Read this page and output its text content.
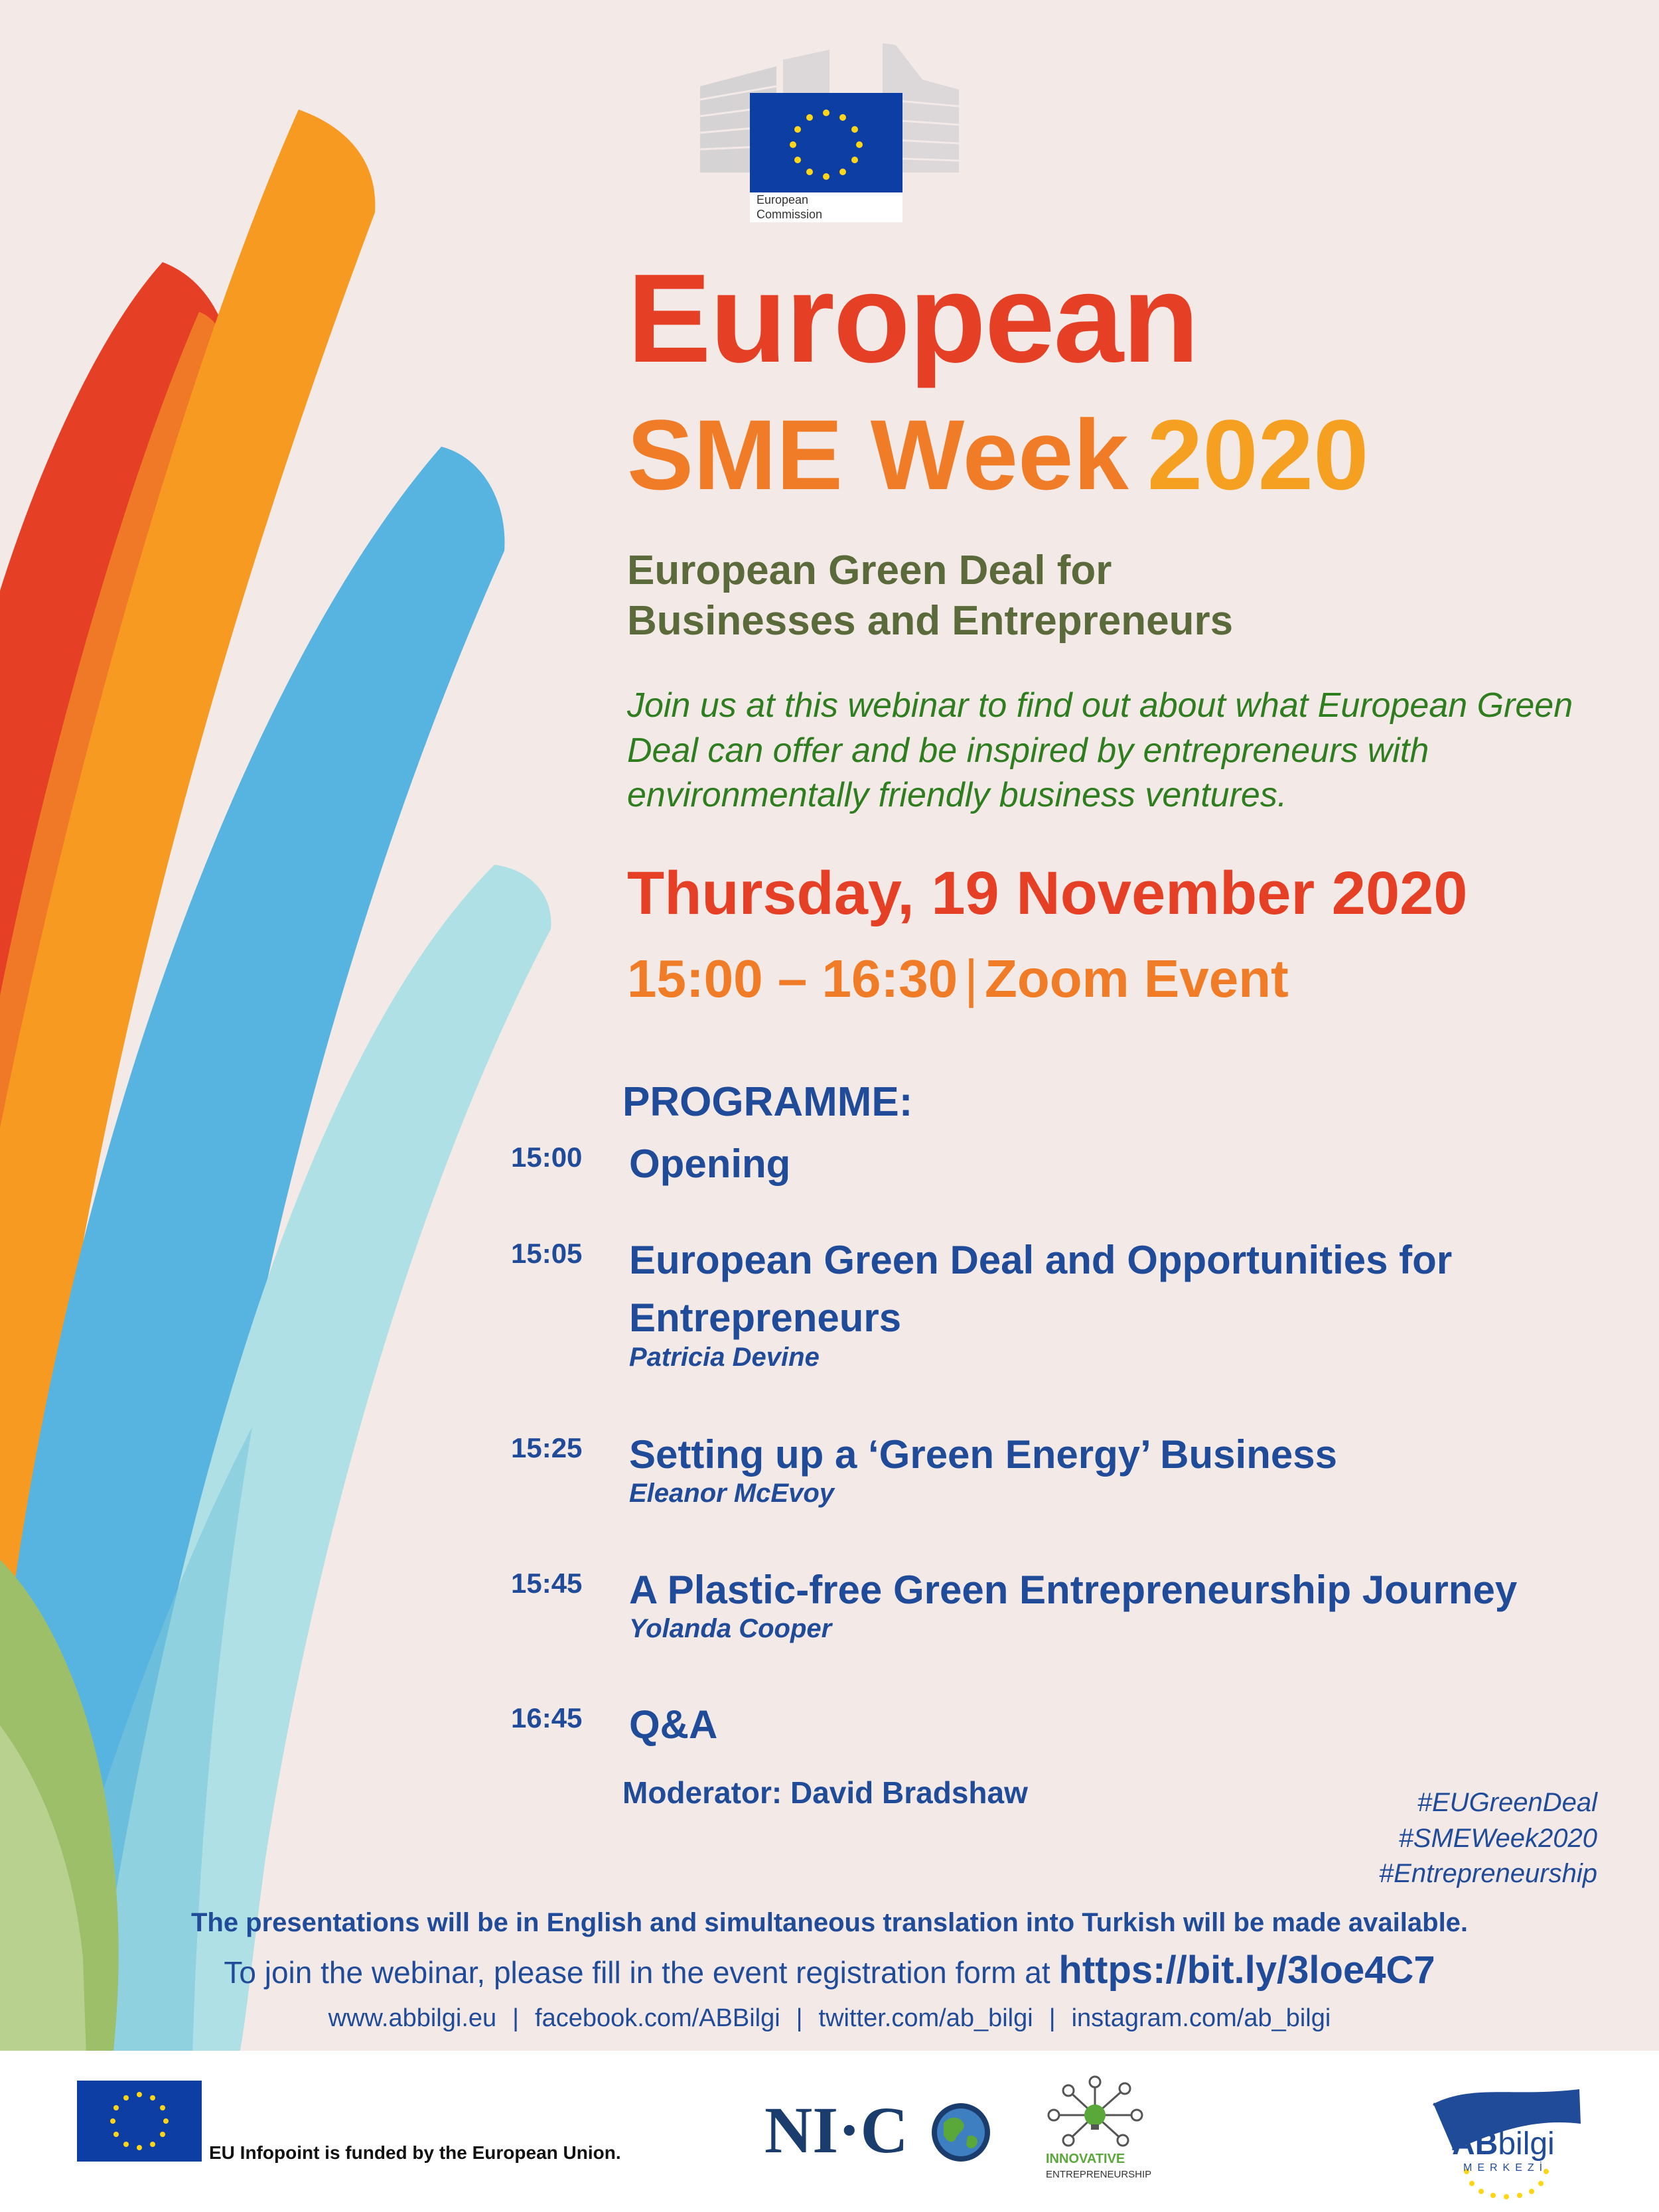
European
Commission
European
SME Week 2020
European Green Deal for
Businesses and Entrepreneurs
Join us at this webinar to find out about what European Green Deal can offer and be inspired by entrepreneurs with environmentally friendly business ventures.
Thursday, 19 November 2020
15:00 – 16:30 | Zoom Event
PROGRAMME:
15:00	Opening
15:05	European Green Deal and Opportunities for Entrepreneurs
Patricia Devine
15:25	Setting up a ‘Green Energy’ Business
Eleanor McEvoy
15:45	A Plastic-free Green Entrepreneurship Journey
Yolanda Cooper
16:45	Q&A
Moderator: David Bradshaw	#EUGreenDeal
#SMEWeek2020
#Entrepreneurship
The presentations will be in English and simultaneous translation into Turkish will be made available.
To join the webinar, please fill in the event registration form at https://bit.ly/3loe4C7
www.abbilgi.eu | facebook.com/ABBilgi | twitter.com/ab_bilgi | instagram.com/ab_bilgi
EU Infopoint is funded by the European Union. NI·C	INNOVATIVE
ENTREPRENEURSHIP
ABbilgi
MERKEZİ
